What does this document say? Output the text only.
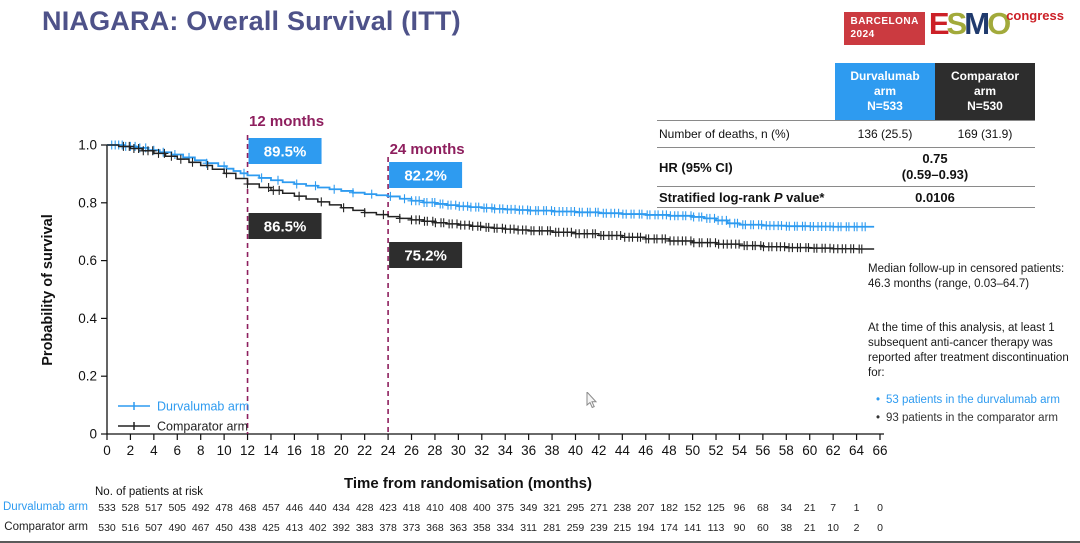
0
0.2
0.4
0.6
0.8
1.0
0 2 4 6 8 10 12 14 16 18 20 22 24 26 28 30 32 34 36 38 40 42 44 46 48 50 52 54 56 58 60 62 64 66
Time from randomisation (months)
Probability of survival
12 months
89.5%
86.5%
24 months
82.2%
75.2%
Durvalumab arm
Comparator arm
NIAGARA: Overall Survival (ITT)	BARCELONA
2024	E S M O
congress
Durvalumab
arm
N=533
Comparator
arm
N=530
Number of deaths, n (%)	136 (25.5)	169 (31.9)
HR (95% CI)
0.75
(0.59–0.93)
Stratified log-rank P value*	0.0106

Median follow-up in censored patients: 46.3 months (range, 0.03–64.7)

At the time of this analysis, at least 1 subsequent anti-cancer therapy was reported after treatment discontinuation for:

• 53 patients in the durvalumab arm
• 93 patients in the comparator arm
No. of patients at risk
Durvalumab arm 533 528 517 505 492 478 468 457 446 440 434 428 423 418 410 408 400 375 349 321 295 271 238 207 182 152 125 96	68	34	21	7	1	0
Comparator arm 530 516 507 490 467 450 438 425 413 402 392 383 378 373 368 363 358 334 311 281 259 239 215 194 174 141 113 90	60	38	21	10	2	0
